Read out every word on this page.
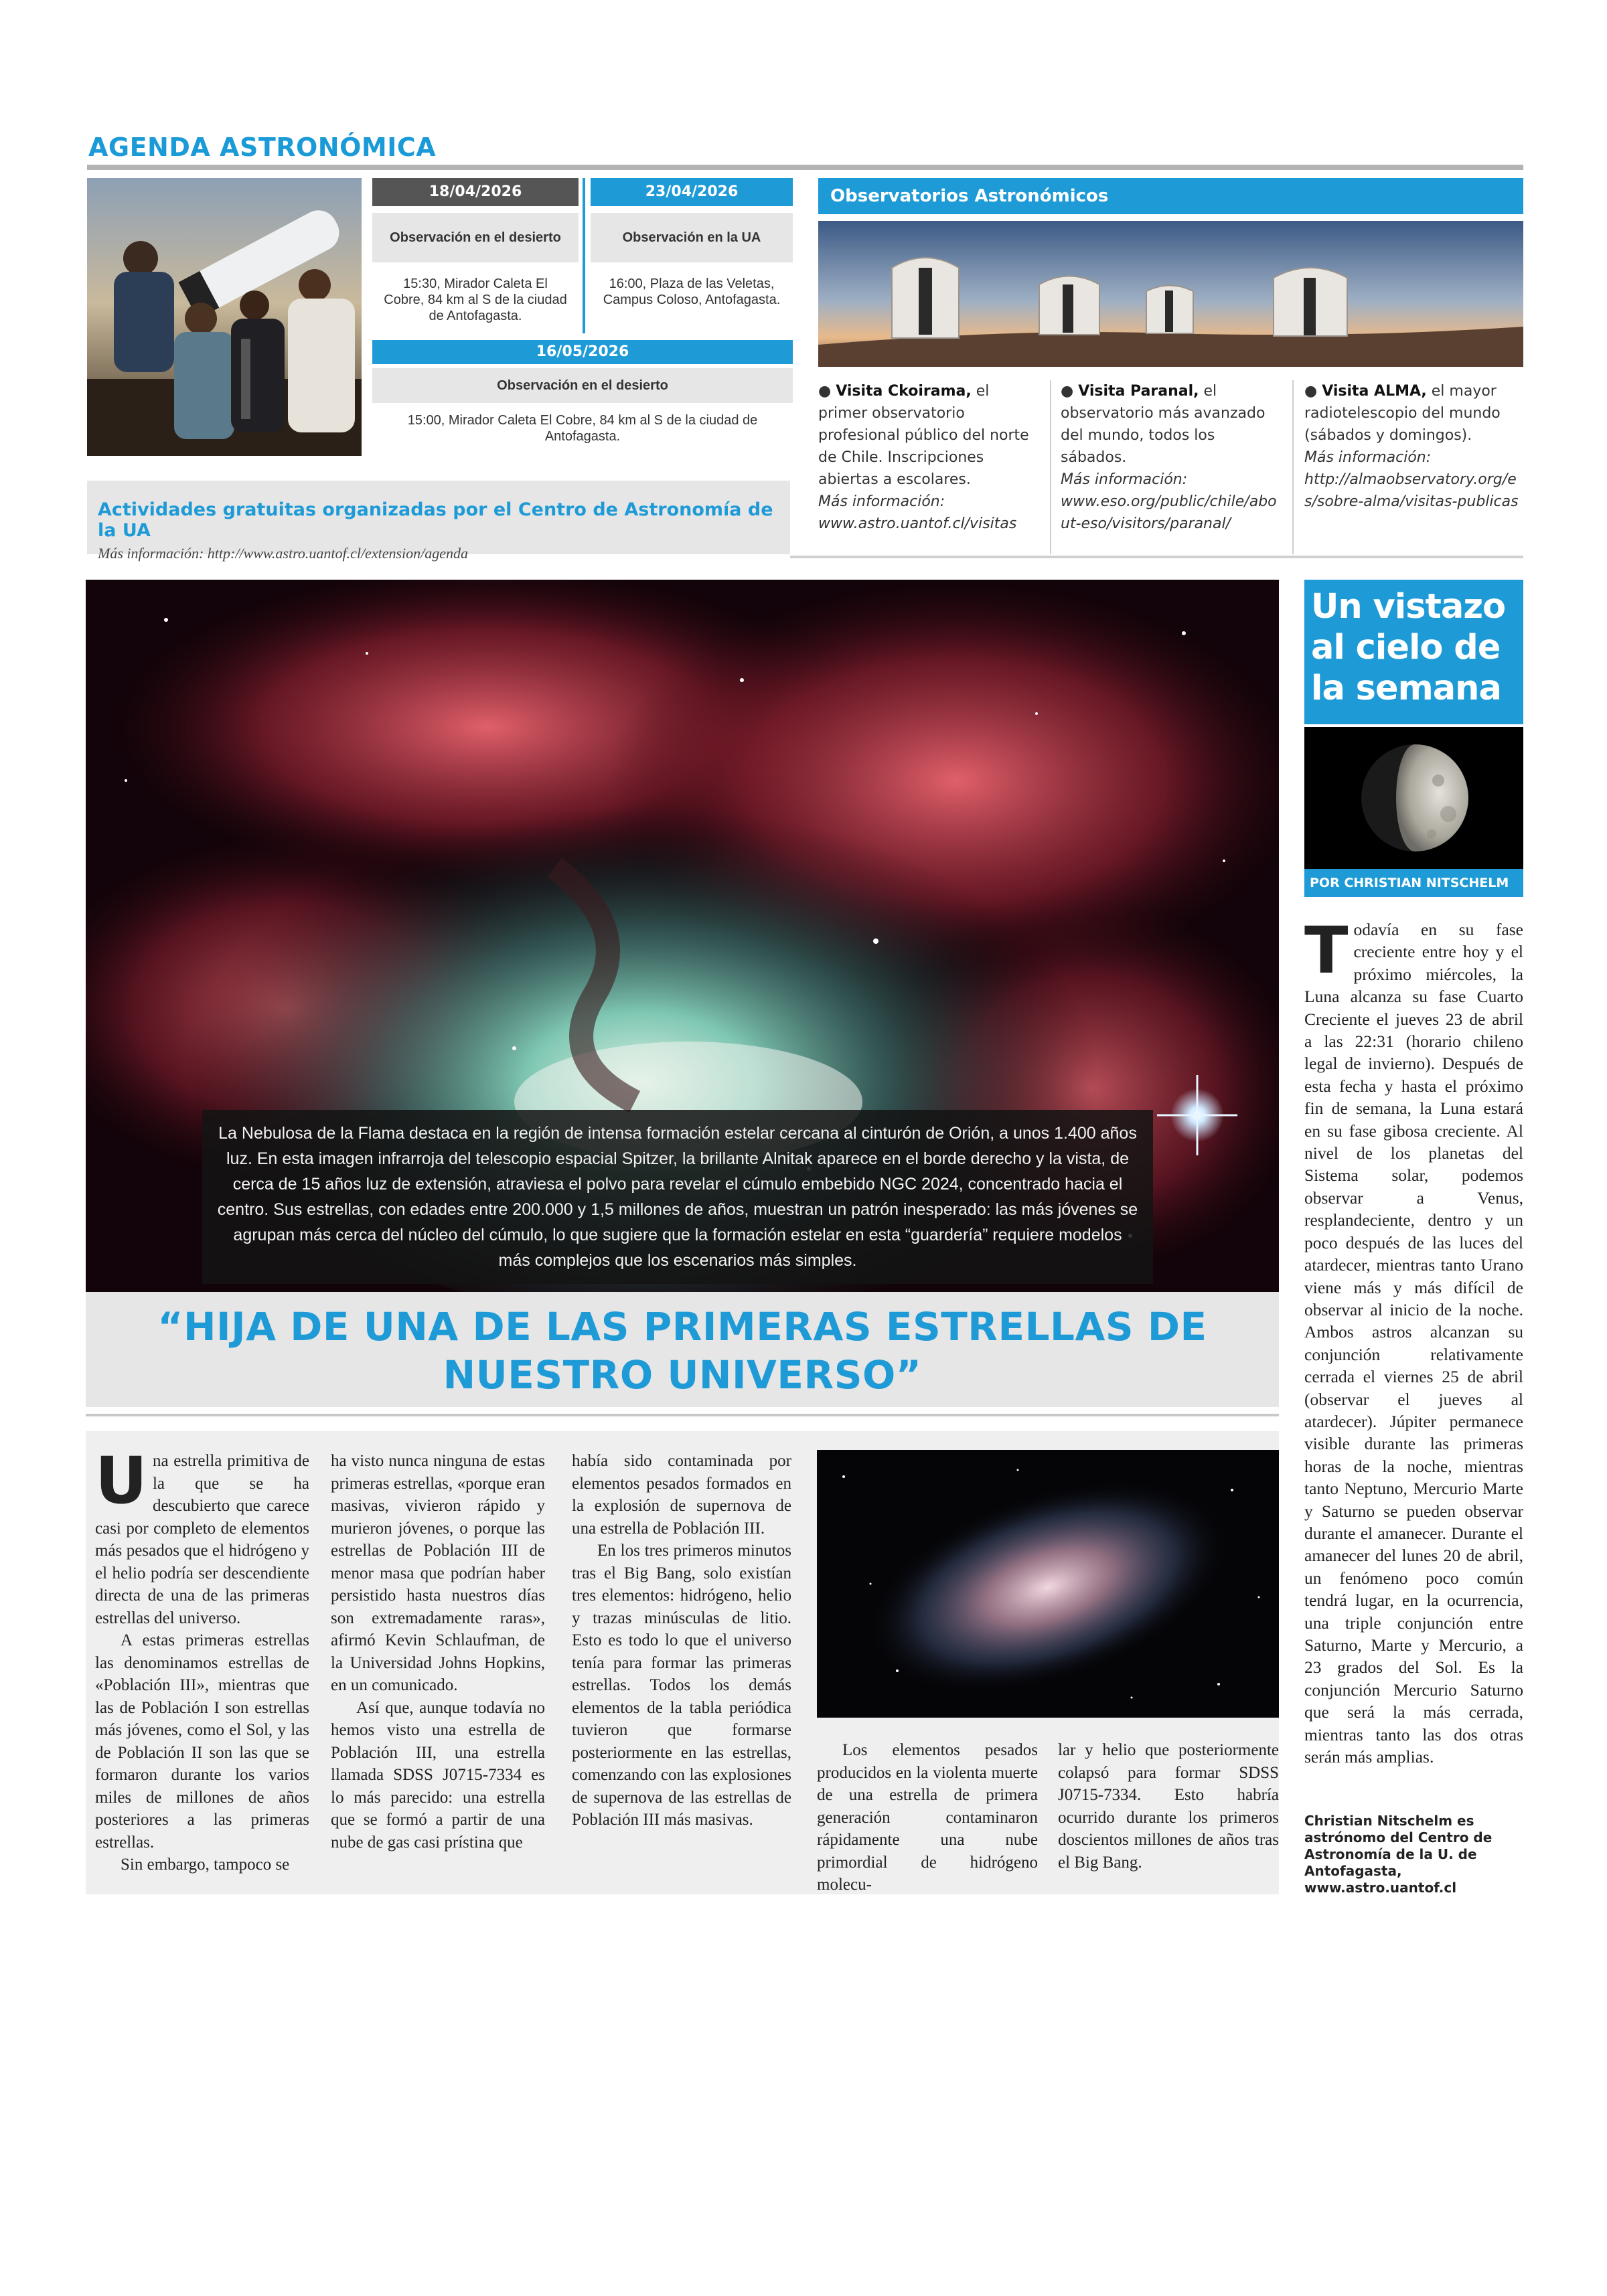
AGENDA ASTRONÓMICA
18/04/2026
Observación en el desierto
15:30, Mirador Caleta El Cobre, 84 km al S de la ciudad de Antofagasta.
23/04/2026
Observación en la UA
16:00, Plaza de las Veletas, Campus Coloso, Antofagasta.
16/05/2026
Observación en el desierto
15:00, Mirador Caleta El Cobre, 84 km al S de la ciudad de Antofagasta.
Observatorios Astronómicos
● Visita Ckoirama, el primer observatorio profesional público del norte de Chile. Inscripciones abiertas a escolares.
Más información:
www.astro.uantof.cl/visitas
● Visita Paranal, el observatorio más avanzado del mundo, todos los sábados.
Más información:
www.eso.org/public/chile/about-eso/visitors/paranal/
● Visita ALMA, el mayor radiotelescopio del mundo (sábados y domingos).
Más información:
http://almaobservatory.org/es/sobre-alma/visitas-publicas
Actividades gratuitas organizadas por el Centro de Astronomía de la UA
Más información: http://www.astro.uantof.cl/extension/agenda
La Nebulosa de la Flama destaca en la región de intensa formación estelar cercana al cinturón de Orión, a unos 1.400 años luz. En esta imagen infrarroja del telescopio espacial Spitzer, la brillante Alnitak aparece en el borde derecho y la vista, de cerca de 15 años luz de extensión, atraviesa el polvo para revelar el cúmulo embebido NGC 2024, concentrado hacia el centro. Sus estrellas, con edades entre 200.000 y 1,5 millones de años, muestran un patrón inesperado: las más jóvenes se agrupan más cerca del núcleo del cúmulo, lo que sugiere que la formación estelar en esta “guardería” requiere modelos más complejos que los escenarios más simples.
“HIJA DE UNA DE LAS PRIMERAS ESTRELLAS DE NUESTRO UNIVERSO”

Una estrella primitiva de la que se ha descubierto que carece casi por completo de elementos más pesados que el hidrógeno y el helio podría ser descendiente directa de una de las primeras estrellas del universo.

A estas primeras estrellas las denominamos estrellas de «Población III», mientras que las de Población I son estrellas más jóvenes, como el Sol, y las de Población II son las que se formaron durante los varios miles de millones de años posteriores a las primeras estrellas.

Sin embargo, tampoco se

ha visto nunca ninguna de estas primeras estrellas, «porque eran masivas, vivieron rápido y murieron jóvenes, o porque las estrellas de Población III de menor masa que podrían haber persistido hasta nuestros días son extremadamente raras», afirmó Kevin Schlaufman, de la Universidad Johns Hopkins, en un comunicado.

Así que, aunque todavía no hemos visto una estrella de Población III, una estrella llamada SDSS J0715-7334 es lo más parecido: una estrella que se formó a partir de una nube de gas casi prístina que

había sido contaminada por elementos pesados formados en la explosión de supernova de una estrella de Población III.

En los tres primeros minutos tras el Big Bang, solo existían tres elementos: hidrógeno, helio y trazas minúsculas de litio. Esto es todo lo que el universo tenía para formar las primeras estrellas. Todos los demás elementos de la tabla periódica tuvieron que formarse posteriormente en las estrellas, comenzando con las explosiones de supernova de las estrellas de Población III más masivas.

Los elementos pesados producidos en la violenta muerte de una estrella de primera generación contaminaron rápidamente una nube primordial de hidrógeno molecu-

lar y helio que posteriormente colapsó para formar SDSS J0715-7334. Esto habría ocurrido durante los primeros doscientos millones de años tras el Big Bang.

Un vistazo
al cielo de
la semana
POR CHRISTIAN NITSCHELM
Todavía en su fase creciente entre hoy y el próximo miércoles, la Luna alcanza su fase Cuarto Creciente el jueves 23 de abril a las 22:31 (horario chileno legal de invierno). Después de esta fecha y hasta el próximo fin de semana, la Luna estará en su fase gibosa creciente. Al nivel de los planetas del Sistema solar, podemos observar a Venus, resplandeciente, dentro y un poco después de las luces del atardecer, mientras tanto Urano viene más y más difícil de observar al inicio de la noche. Ambos astros alcanzan su conjunción relativamente cerrada el viernes 25 de abril (observar el jueves al atardecer). Júpiter permanece visible durante las primeras horas de la noche, mientras tanto Neptuno, Mercurio Marte y Saturno se pueden observar durante el amanecer. Durante el amanecer del lunes 20 de abril, un fenómeno poco común tendrá lugar, en la ocurrencia, una triple conjunción entre Saturno, Marte y Mercurio, a 23 grados del Sol. Es la conjunción Mercurio Saturno que será la más cerrada, mientras tanto las dos otras serán más amplias.
Christian Nitschelm es astrónomo del Centro de Astronomía de la U. de Antofagasta, www.astro.uantof.cl
